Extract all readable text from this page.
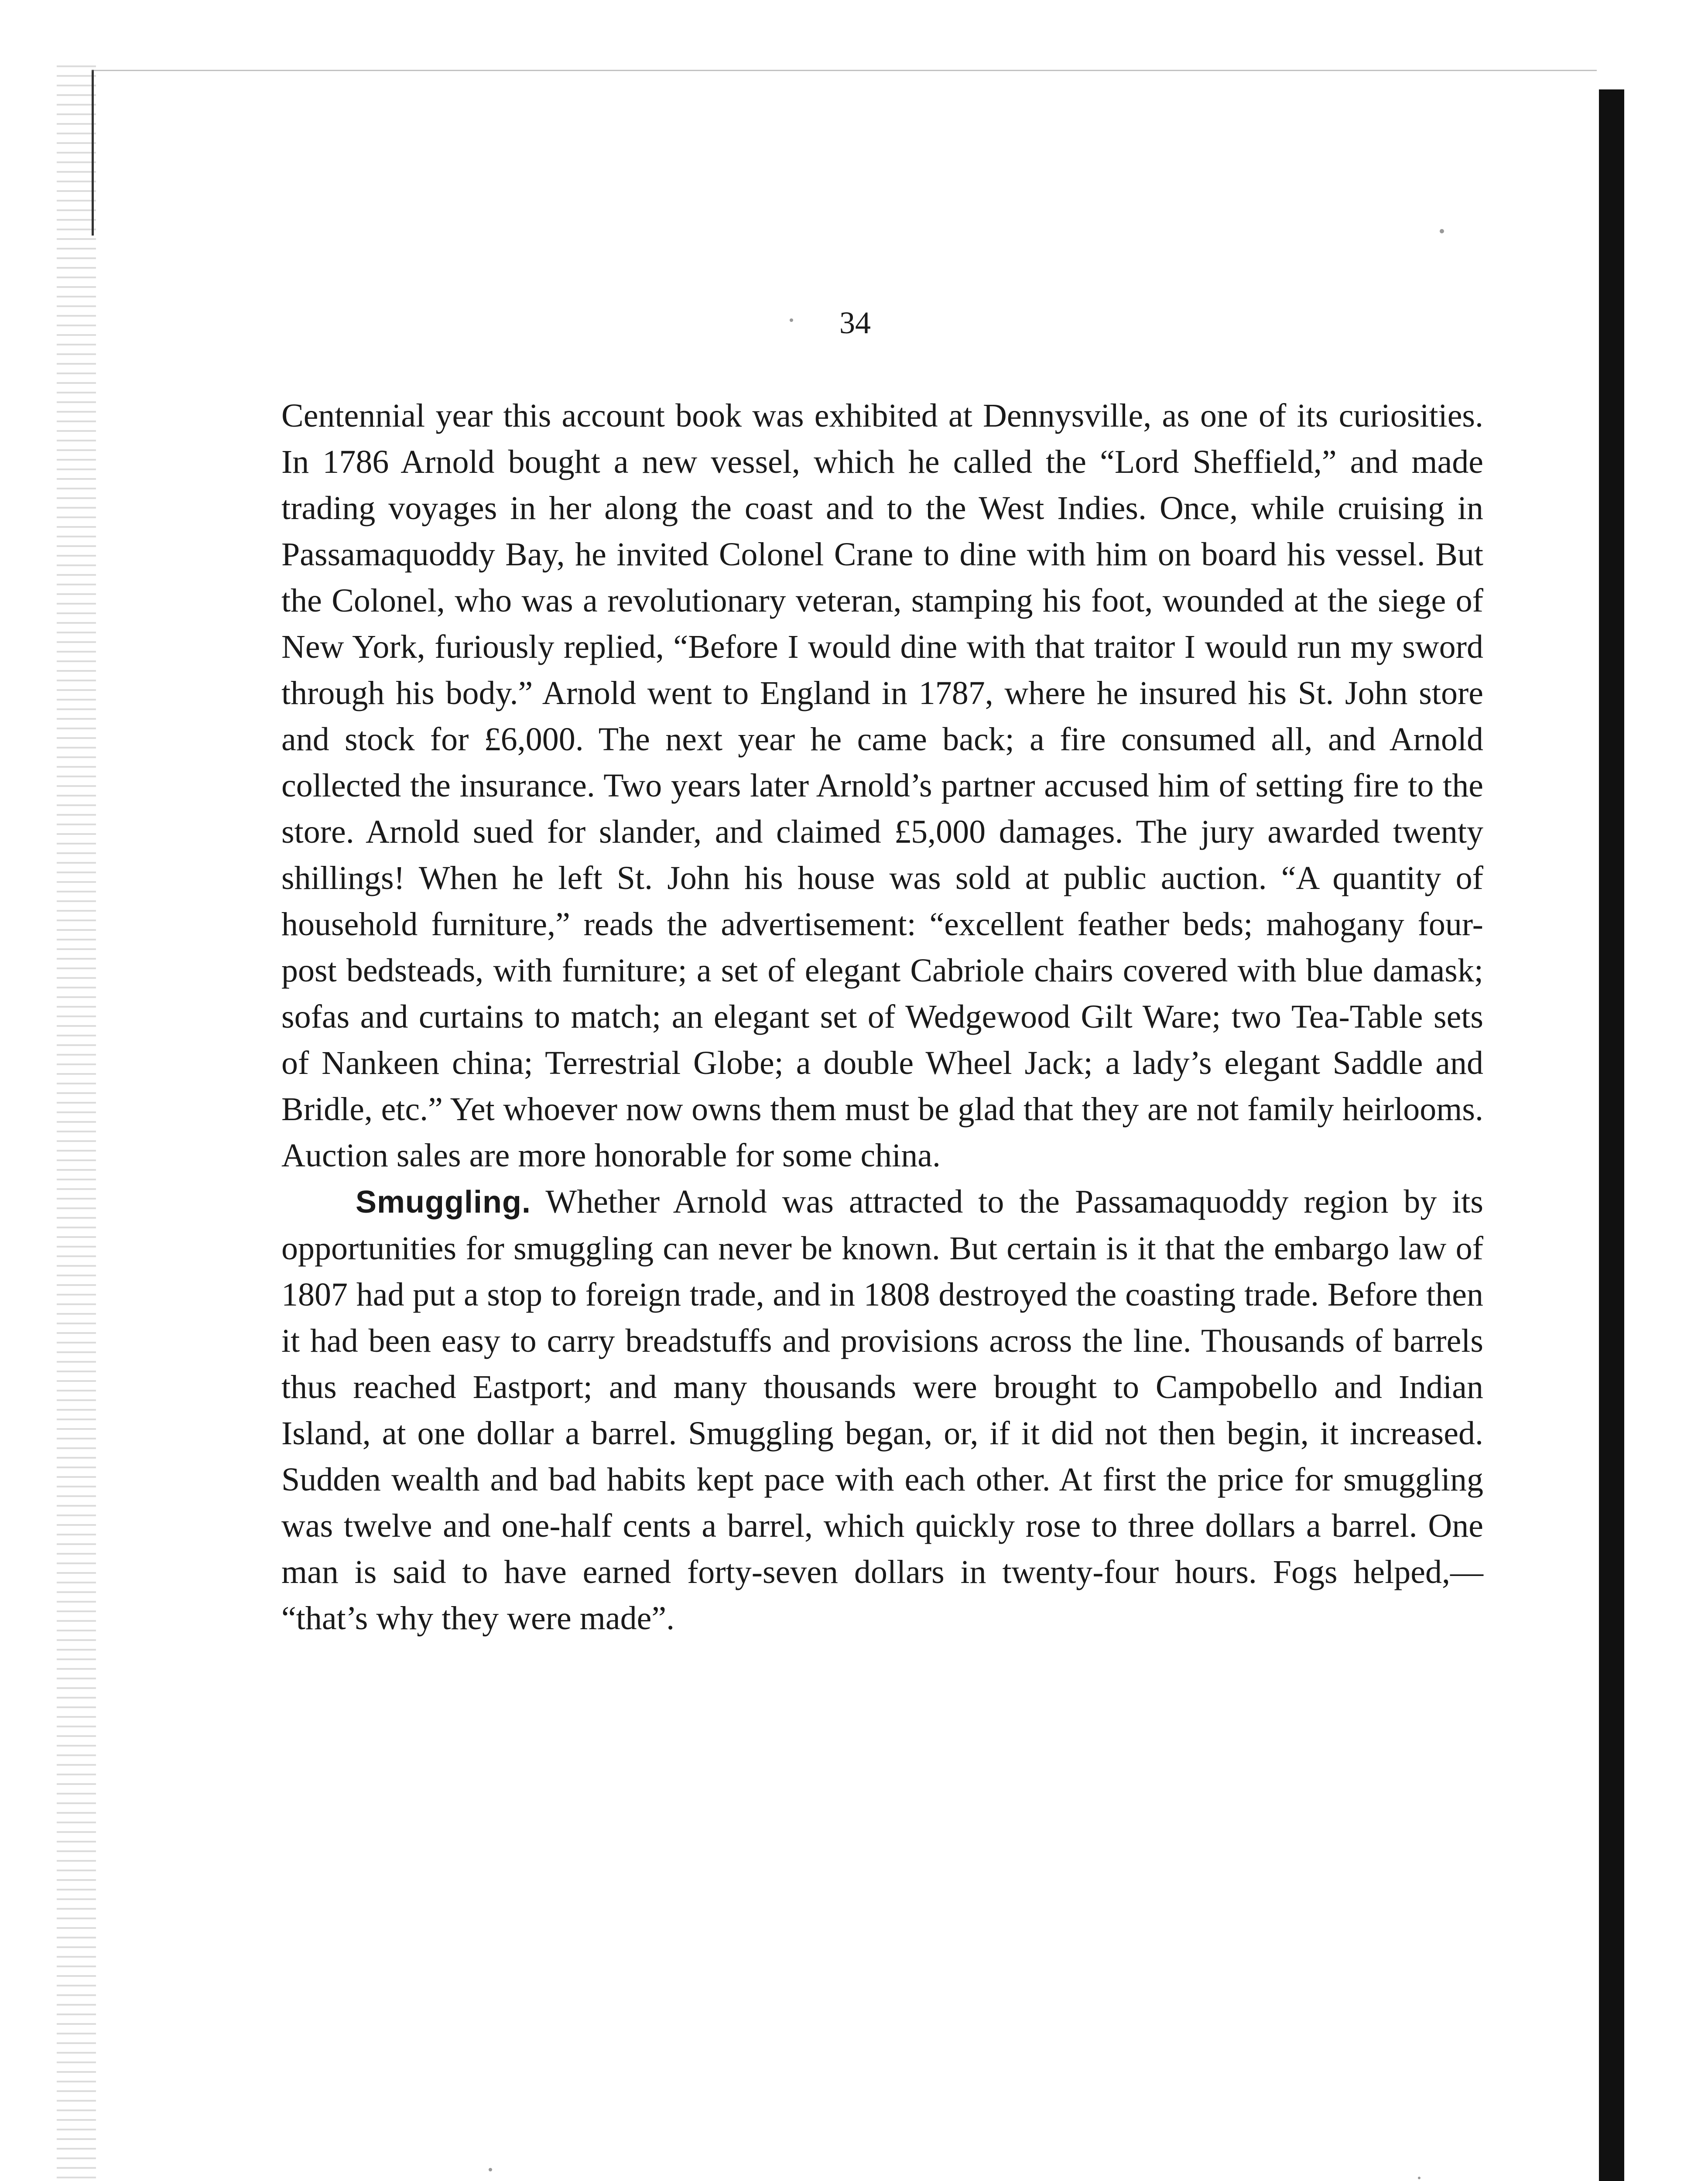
34

Centennial year this account book was exhibited at Dennysville, as one of its curiosities. In 1786 Arnold bought a new vessel, which he called the “Lord Sheffield,” and made trading voyages in her along the coast and to the West Indies. Once, while cruising in Passamaquoddy Bay, he invited Colonel Crane to dine with him on board his vessel. But the Colonel, who was a revolutionary veteran, stamping his foot, wounded at the siege of New York, furiously replied, “Before I would dine with that traitor I would run my sword through his body.” Arnold went to England in 1787, where he insured his St. John store and stock for £6,000. The next year he came back; a fire consumed all, and Arnold collected the insurance. Two years later Arnold’s partner accused him of setting fire to the store. Arnold sued for slander, and claimed £5,000 damages. The jury awarded twenty shillings! When he left St. John his house was sold at public auction. “A quantity of household furniture,” reads the advertisement: “excellent feather beds; mahogany four-post bedsteads, with furniture; a set of elegant Cabriole chairs covered with blue damask; sofas and curtains to match; an elegant set of Wedgewood Gilt Ware; two Tea-Table sets of Nankeen china; Terrestrial Globe; a double Wheel Jack; a lady’s elegant Saddle and Bridle, etc.” Yet whoever now owns them must be glad that they are not family heirlooms. Auction sales are more honorable for some china.

Smuggling. Whether Arnold was attracted to the Passamaquoddy region by its opportunities for smuggling can never be known. But certain is it that the embargo law of 1807 had put a stop to foreign trade, and in 1808 destroyed the coasting trade. Before then it had been easy to carry breadstuffs and provisions across the line. Thousands of barrels thus reached Eastport; and many thousands were brought to Campobello and Indian Island, at one dollar a barrel. Smuggling began, or, if it did not then begin, it increased. Sudden wealth and bad habits kept pace with each other. At first the price for smuggling was twelve and one-half cents a barrel, which quickly rose to three dollars a barrel. One man is said to have earned forty-seven dollars in twenty-four hours. Fogs helped,— “that’s why they were made”.
